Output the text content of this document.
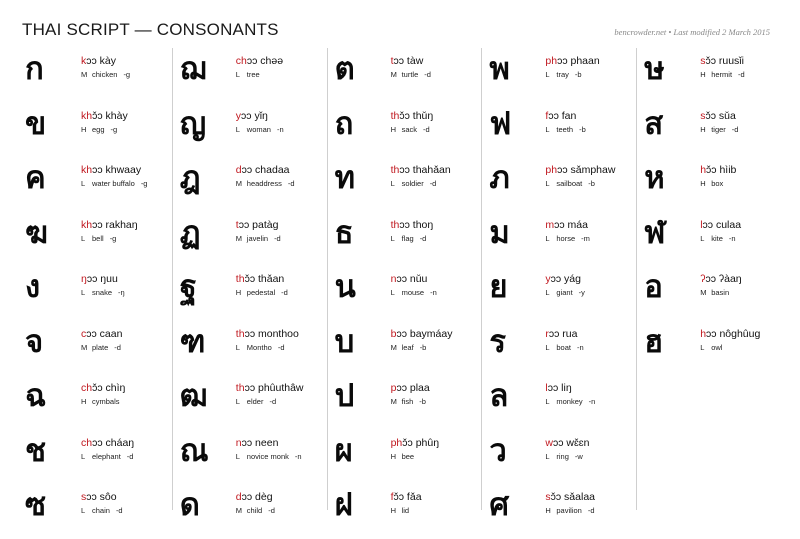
THAI SCRIPT — CONSONANTS	bencrowder.net • Last modified 2 March 2015
ก	kɔɔ kày
M chicken -g
ข	khɔ̌ɔ khày
H egg -g
ค	khɔɔ khwaay
L water buffalo -g
ฆ	khɔɔ rakhaŋ
L bell -g
ง	ŋɔɔ ŋuu
L snake -ŋ
จ	cɔɔ caan
M plate -d
ฉ	chɔ̌ɔ chìŋ
H cymbals
ช	chɔɔ cháaŋ
L elephant -d
ซ	sɔɔ sôo
L chain -d
ฌ	chɔɔ chəə
L tree
ญ	yɔɔ yǐŋ
L woman -n
ฎ	dɔɔ chadaa
M headdress -d
ฏ	tɔɔ patàg
M javelin -d
ฐ	thɔ̌ɔ thǎan
H pedestal -d
ฑ	thɔɔ monthoo
L Montho -d
ฒ	thɔɔ phûuthâw
L elder -d
ณ	nɔɔ neen
L novice monk -n
ด	dɔɔ dèg
M child -d
ต	tɔɔ tàw
M turtle -d
ถ	thɔ̌ɔ thǔŋ
H sack -d
ท	thɔɔ thahǎan
L soldier -d
ธ	thɔɔ thoŋ
L flag -d
น	nɔɔ nǔu
L mouse -n
บ	bɔɔ baymáay
M leaf -b
ป	pɔɔ plaa
M fish -b
ผ	phɔ̌ɔ phûŋ
H bee
ฝ	fɔ̌ɔ fǎa
H lid
พ	phɔɔ phaan
L tray -b
ฟ	fɔɔ fan
L teeth -b
ภ	phɔɔ sǎmphaw
L sailboat -b
ม	mɔɔ máa
L horse -m
ย	yɔɔ yág
L giant -y
ร	rɔɔ rua
L boat -n
ล	lɔɔ liŋ
L monkey -n
ว	wɔɔ wɛ̌ɛn
L ring -w
ศ	sɔ̌ɔ sǎalaa
H pavilion -d
ษ	sɔ̌ɔ ruusǐi
H hermit -d
ส	sɔ̌ɔ sǔa
H tiger -d
ห	hɔ̌ɔ hìib
H box
ฬ	lɔɔ culaa
L kite -n
อ	ʔɔɔ ʔàaŋ
M basin
ฮ	hɔɔ nôghûug
L owl
